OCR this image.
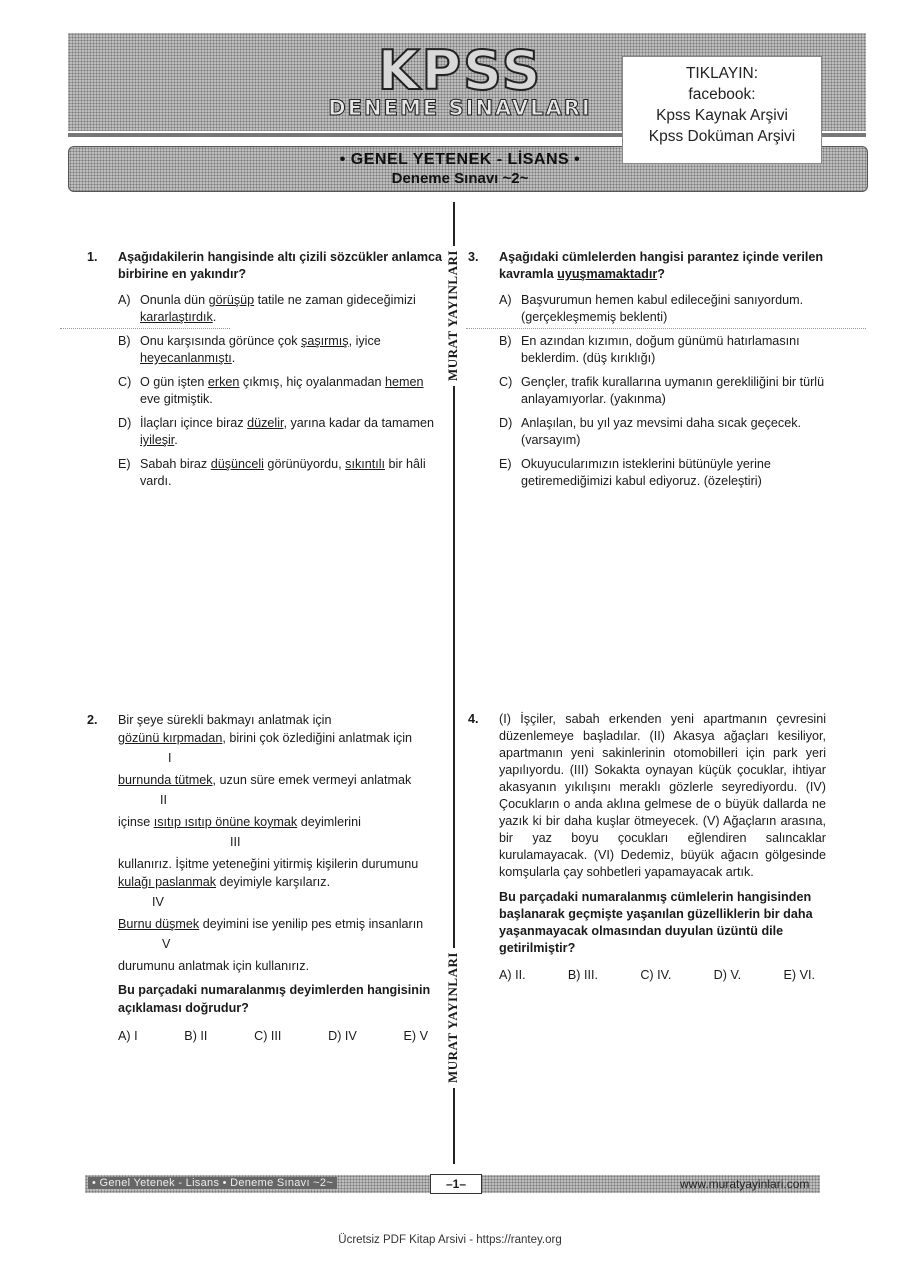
KPSS
DENEME SINAVLARI
• GENEL YETENEK - LİSANS •
Deneme Sınavı ~2~
TIKLAYIN:
facebook:
Kpss Kaynak Arşivi
Kpss Doküman Arşivi
MURAT YAYINLARI
MURAT YAYINLARI
1. Aşağıdakilerin hangisinde altı çizili sözcükler anlamca birbirine en yakındır?
A) Onunla dün görüşüp tatile ne zaman gideceğimizi kararlaştırdık.
B) Onu karşısında görünce çok şaşırmış, iyice heyecanlanmıştı.
C) O gün işten erken çıkmış, hiç oyalanmadan hemen eve gitmiştik.
D) İlaçları içince biraz düzelir, yarına kadar da tamamen iyileşir.
E) Sabah biraz düşünceli görünüyordu, sıkıntılı bir hâli vardı.
3. Aşağıdaki cümlelerden hangisi parantez içinde verilen kavramla uyuşmamaktadır?
A) Başvurumun hemen kabul edileceğini sanıyordum. (gerçekleşmemiş beklenti)
B) En azından kızımın, doğum günümü hatırlamasını beklerdim. (düş kırıklığı)
C) Gençler, trafik kurallarına uymanın gerekliliğini bir türlü anlayamıyorlar. (yakınma)
D) Anlaşılan, bu yıl yaz mevsimi daha sıcak geçecek. (varsayım)
E) Okuyucularımızın isteklerini bütünüyle yerine getiremediğimizi kabul ediyoruz. (özeleştiri)
2. Bir şeye sürekli bakmayı anlatmak için

gözünü kırpmadan, birini çok özlediğini anlatmak için

I

burnunda tütmek, uzun süre emek vermeyi anlatmak

II

içinse ısıtıp ısıtıp önüne koymak deyimlerini

III

kullanırız. İşitme yeteneğini yitirmiş kişilerin durumunu

kulağı paslanmak deyimiyle karşılarız.

IV

Burnu düşmek deyimini ise yenilip pes etmiş insanların

V

durumunu anlatmak için kullanırız.

Bu parçadaki numaralanmış deyimlerden hangisinin açıklaması doğrudur?
A) I	B) II	C) III	D) IV	E) V
4. (I) İşçiler, sabah erkenden yeni apartmanın çevresini düzenlemeye başladılar. (II) Akasya ağaçları kesiliyor, apartmanın yeni sakinlerinin otomobilleri için park yeri yapılıyordu. (III) Sokakta oynayan küçük çocuklar, ihtiyar akasyanın yıkılışını meraklı gözlerle seyrediyordu. (IV) Çocukların o anda aklına gelmese de o büyük dallarda ne yazık ki bir daha kuşlar ötmeyecek. (V) Ağaçların arasına, bir yaz boyu çocukları eğlendiren salıncaklar kurulamayacak. (VI) Dedemiz, büyük ağacın gölgesinde komşularla çay sohbetleri yapamayacak artık.

Bu parçadaki numaralanmış cümlelerin hangisinden başlanarak geçmişte yaşanılan güzelliklerin bir daha yaşanmayacak olmasından duyulan üzüntü dile getirilmiştir?
A) II.	B) III.	C) IV.	D) V.	E) VI.
• Genel Yetenek - Lisans • Deneme Sınavı ~2~	–1–	www.muratyayinlari.com
Ücretsiz PDF Kitap Arsivi - https://rantey.org
